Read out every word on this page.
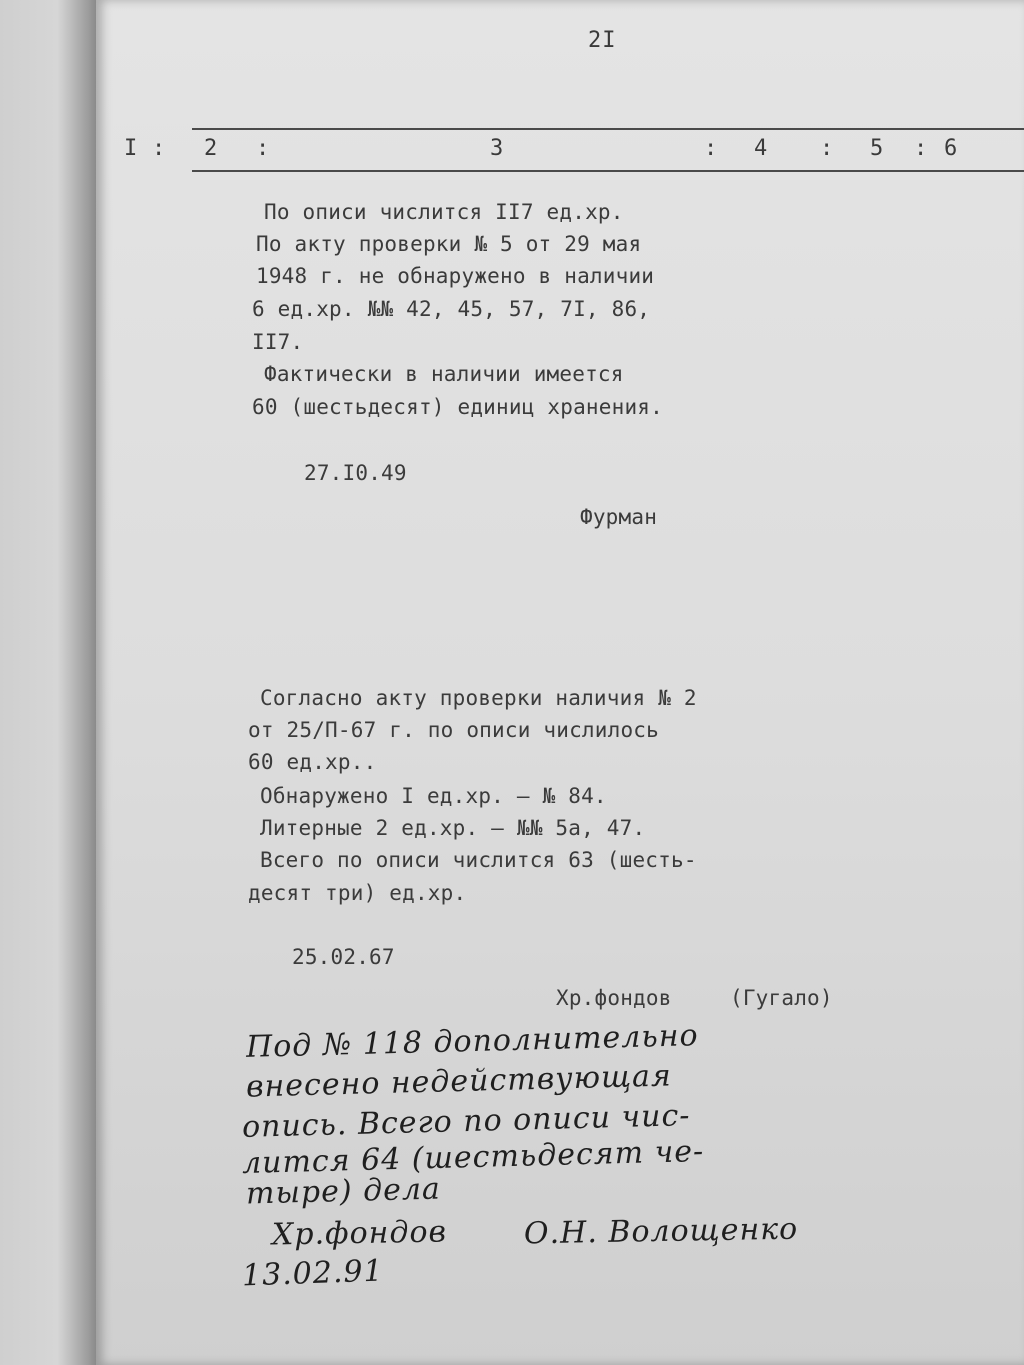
2I
I : 2 :	3	: 4 : 5 : 6
По описи числится II7 ед.хр.
По акту проверки № 5 от 29 мая
1948 г. не обнаружено в наличии
6 ед.хр. №№ 42, 45, 57, 7I, 86,
II7.
Фактически в наличии имеется
60 (шестьдесят) единиц хранения.
27.I0.49
Фурман
Согласно акту проверки наличия № 2
от 25/П-67 г. по описи числилось
60 ед.хр..
Обнаружено I ед.хр. – № 84.
Литерные 2 ед.хр. – №№ 5а, 47.
Всего по описи числится 63 (шесть-
десят три) ед.хр.
25.02.67
Хр.фондов	(Гугало)
Под № 118 дополнительно
внесено недействующая
опись. Всего по описи чис-
лится 64 (шестьдесят че-
тыре) дела
Хр.фондов	О.Н. Волощенко
13.02.91
